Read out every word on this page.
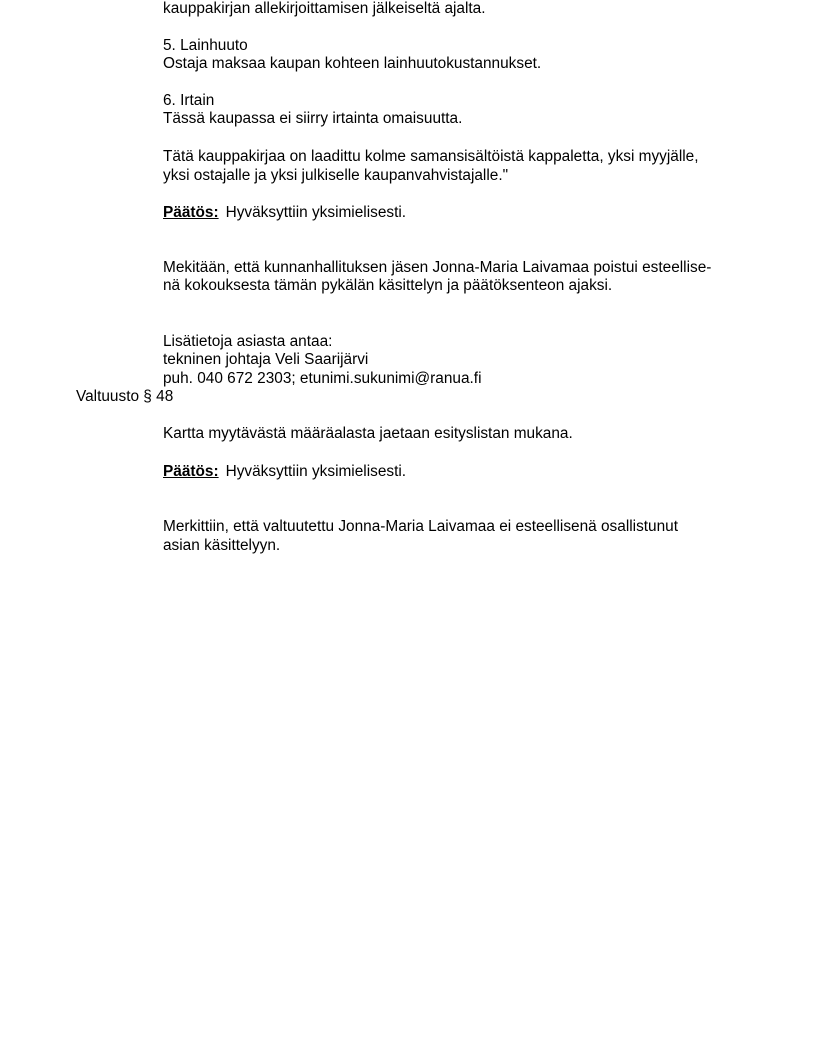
kauppakirjan allekirjoittamisen jälkeiseltä ajalta.
5. Lainhuuto
Ostaja maksaa kaupan kohteen lainhuutokustannukset.
6. Irtain
Tässä kaupassa ei siirry irtainta omaisuutta.
Tätä kauppakirjaa on laadittu kolme samansisältöistä kappaletta, yksi myyjälle,
yksi ostajalle ja yksi julkiselle kaupanvahvistajalle."
Päätös: Hyväksyttiin yksimielisesti.
Mekitään, että kunnanhallituksen jäsen Jonna-Maria Laivamaa poistui esteellise-
nä kokouksesta tämän pykälän käsittelyn ja päätöksenteon ajaksi.
Lisätietoja asiasta antaa:
tekninen johtaja Veli Saarijärvi
puh. 040 672 2303; etunimi.sukunimi@ranua.fi
Valtuusto § 48
Kartta myytävästä määräalasta jaetaan esityslistan mukana.
Päätös: Hyväksyttiin yksimielisesti.
Merkittiin, että valtuutettu Jonna-Maria Laivamaa ei esteellisenä osallistunut
asian käsittelyyn.
